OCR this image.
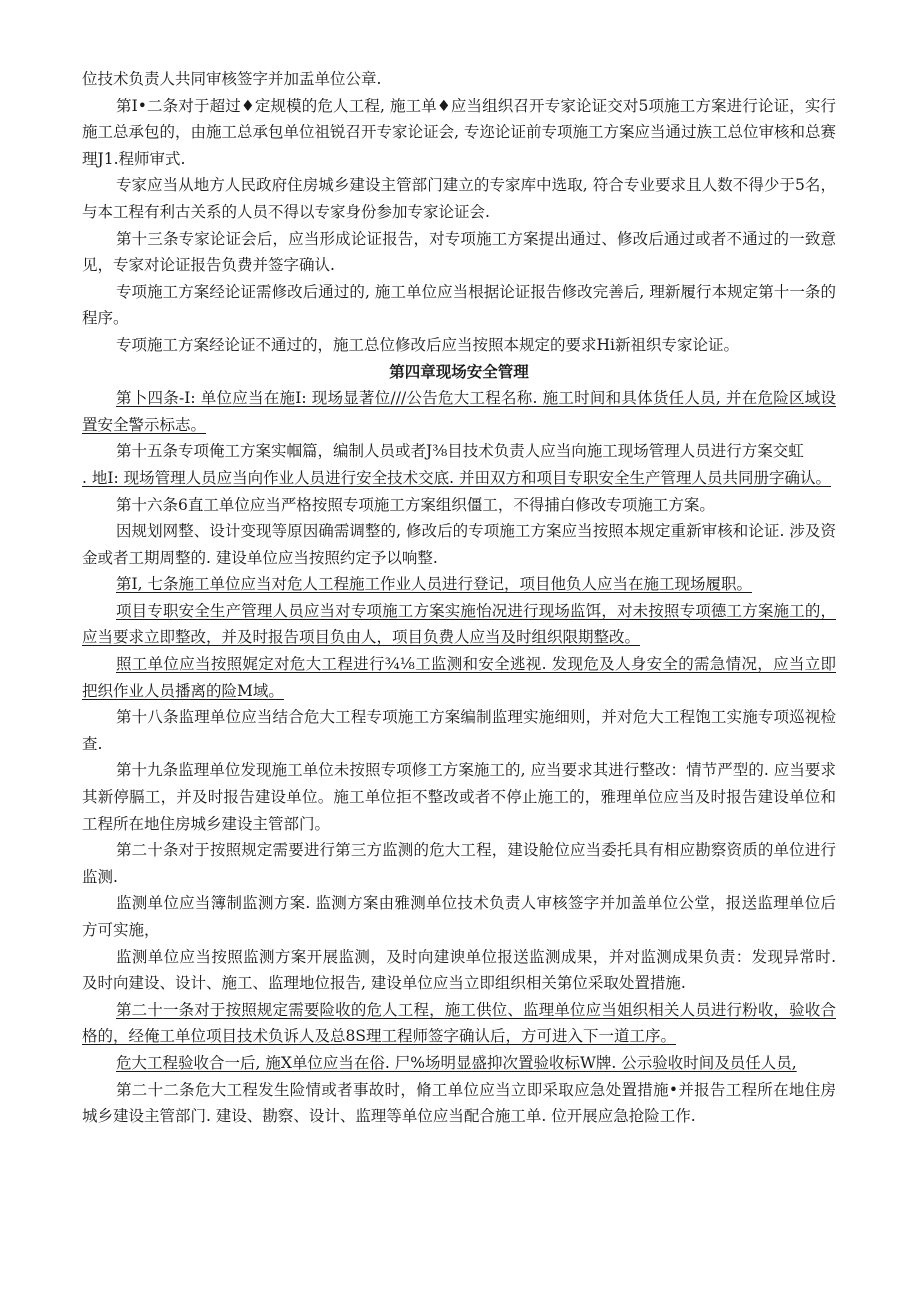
位技术负责人共同审核签字并加盂单位公章.

第I•二条对于超过♦定规模的危人工程, 施工单♦应当组织召开专家论证交对5项施工方案进行论证，实行施工总承包的，由施工总承包单位祖锐召开专家论证会, 专迩论证前专项施工方案应当通过族工总位审核和总赛理J1.程师审式.

专家应当从地方人民政府住房城乡建设主管部门建立的专家库中选取, 符合专业要求且人数不得少于5名，与本工程有利古关系的人员不得以专家身份参加专家论证会.

第十三条专家论证会后，应当形成论证报告，对专项施工方案提出通过、修改后通过或者不通过的一致意见，专家对论证报告负费并签字确认.

专项施工方案经论证需修改后通过的, 施工单位应当根据论证报告修改完善后, 理新履行本规定第十一条的程序。

专项施工方案经论证不通过的，施工总位修改后应当按照本规定的要求Hi新祖织专家论证。

第四章现场安全管理

第卜四条-I: 单位应当在施I: 现场显著位///公告危大工程名称. 施工时间和具体货任人员, 并在危险区域设置安全警示标志。

第十五条专项俺工方案实帼篇，编制人员或者J⅜目技术负责人应当向施工现场管理人员进行方案交虹

. 地I: 现场管理人员应当向作业人员进行安全技术交底. 并田双方和项目专职安全生产管理人员共同册字确认。

第十六条6直工单位应当严格按照专项施工方案组织僵工，不得捕白修改专项施工方案。

因规划网整、设计变现等原因确需调整的, 修改后的专项施工方案应当按照本规定重新审核和论证. 涉及资金或者工期周整的. 建设单位应当按照约定予以响整.

第I, 七条施工单位应当对危人工程施工作业人员进行登记，项目他负人应当在施工现场履职。

项目专职安全生产管理人员应当对专项施工方案实施怡况进行现场监饵，对未按照专项德工方案施工的，应当要求立即整改，并及时报告项目负由人，项目负费人应当及时组织限期整改。

照工单位应当按照娓定对危大工程进行¾⅛工监测和安全逃视. 发现危及人身安全的需急情况，应当立即把织作业人员播离的险M域。

第十八条监理单位应当结合危大工程专项施工方案编制监理实施细则，并对危大工程饱工实施专项巡视检查.

第十九条监理单位发现施工单位未按照专项修工方案施工的, 应当要求其进行整改：情节严型的. 应当要求其新停膈工，并及时报告建设单位。施工单位拒不整改或者不停止施工的，雅理单位应当及时报告建设单位和工程所在地住房城乡建设主管部门。

第二十条对于按照规定需要进行第三方监测的危大工程，建设舱位应当委托具有相应勘察资质的单位进行监测.

监测单位应当簿制监测方案. 监测方案由雅测单位技术负责人审核签字并加盖单位公堂，报送监理单位后方可实施，

监测单位应当按照监测方案开展监测，及时向建谀单位报送监测成果，并对监测成果负责：发现异常时. 及时向建设、设计、施工、监理地位报告, 建设单位应当立即组织相关第位采取处置措施.

第二十一条对于按照规定需要险收的危人工程，施工供位、监理单位应当姐织相关人员进行粉收，验收合格的，经俺工单位项目技术负诉人及总8S理工程师签字确认后，方可进入下一道工序。

危大工程验收合一后, 施X单位应当在俗. 尸%场明显盛抑次置验收标W牌. 公示验收时间及员任人员,

第二十二条危大工程发生险情或者事故时，脩工单位应当立即采取应急处置措施•并报告工程所在地住房城乡建设主管部门. 建设、勘察、设计、监理等单位应当配合施工单. 位开展应急抢险工作.
